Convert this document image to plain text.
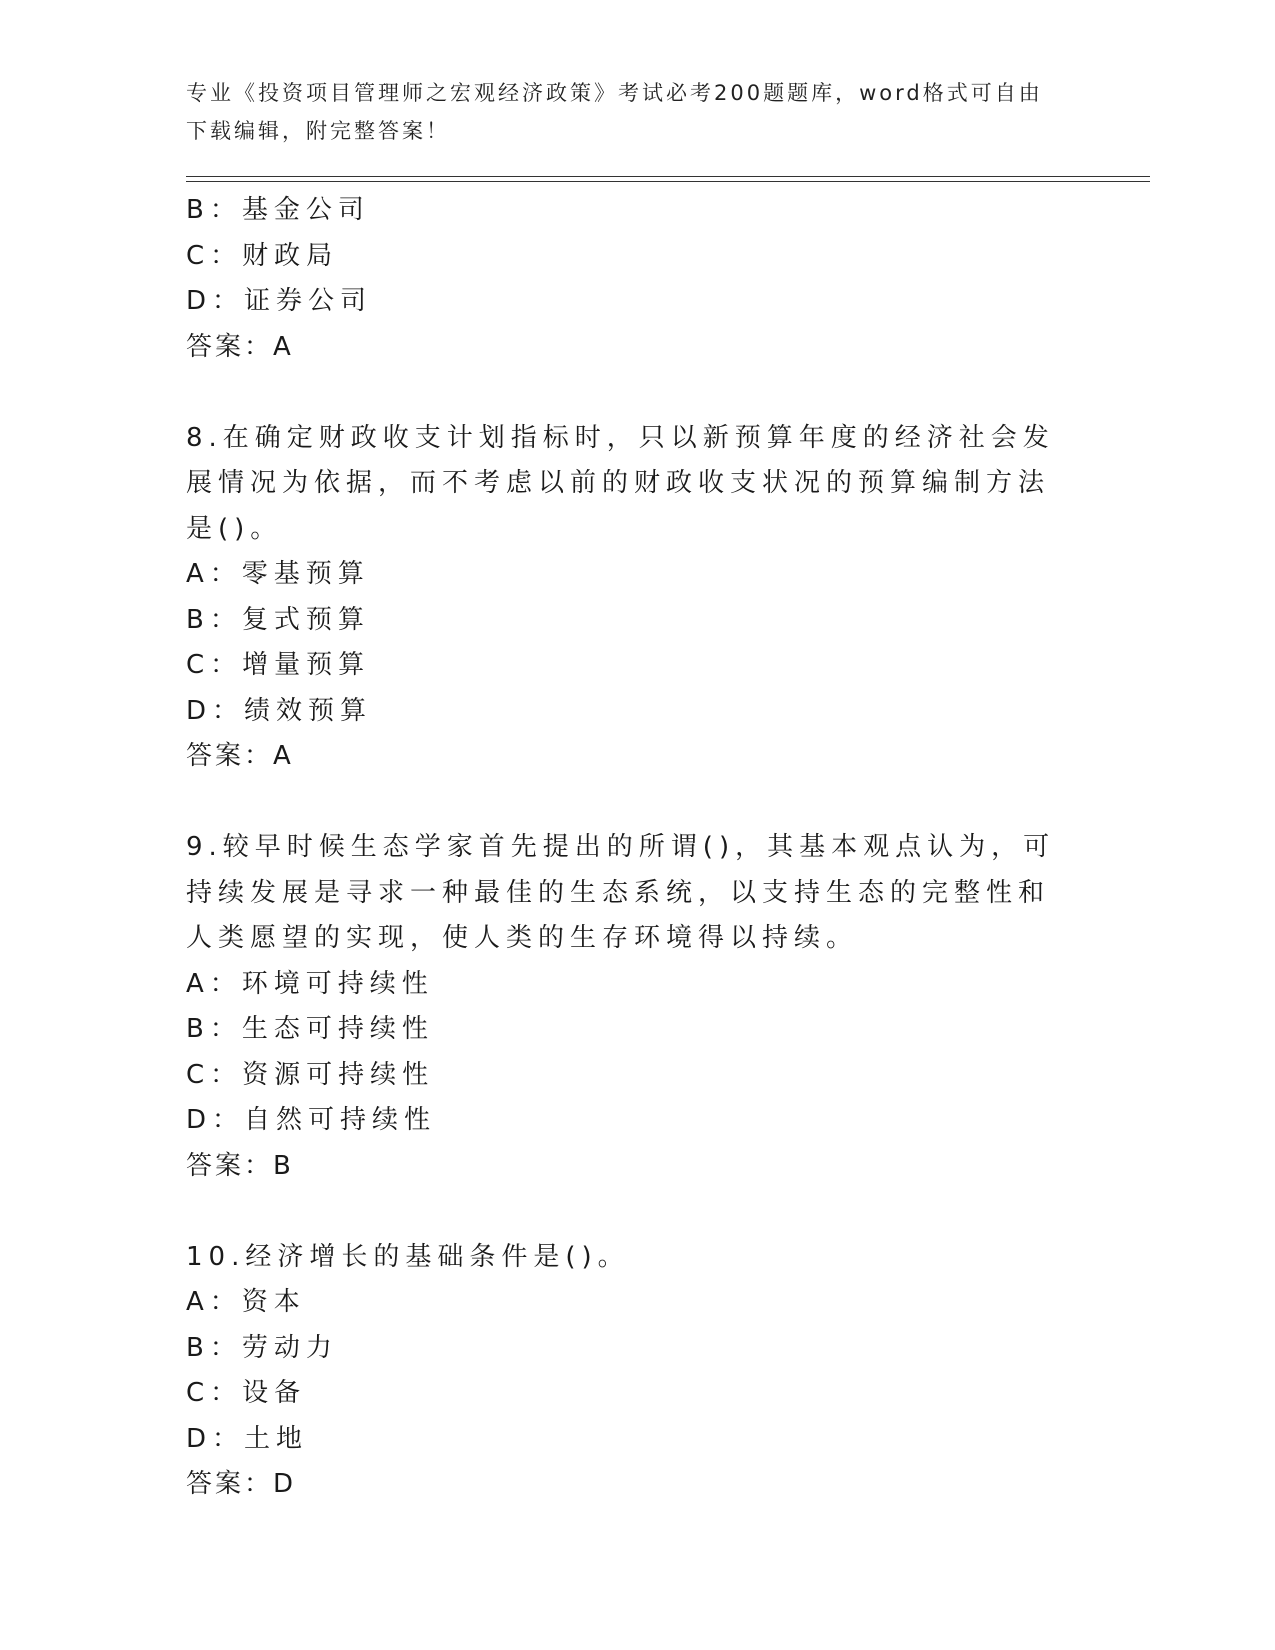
专业《投资项目管理师之宏观经济政策》考试必考200题题库，word格式可自由下载编辑，附完整答案！
B：基金公司
C：财政局
D：证券公司
答案：A
8.在确定财政收支计划指标时，只以新预算年度的经济社会发展情况为依据，而不考虑以前的财政收支状况的预算编制方法是()。
A：零基预算
B：复式预算
C：增量预算
D：绩效预算
答案：A
9.较早时候生态学家首先提出的所谓()，其基本观点认为，可持续发展是寻求一种最佳的生态系统，以支持生态的完整性和人类愿望的实现，使人类的生存环境得以持续。
A：环境可持续性
B：生态可持续性
C：资源可持续性
D：自然可持续性
答案：B
10.经济增长的基础条件是()。
A：资本
B：劳动力
C：设备
D：土地
答案：D
